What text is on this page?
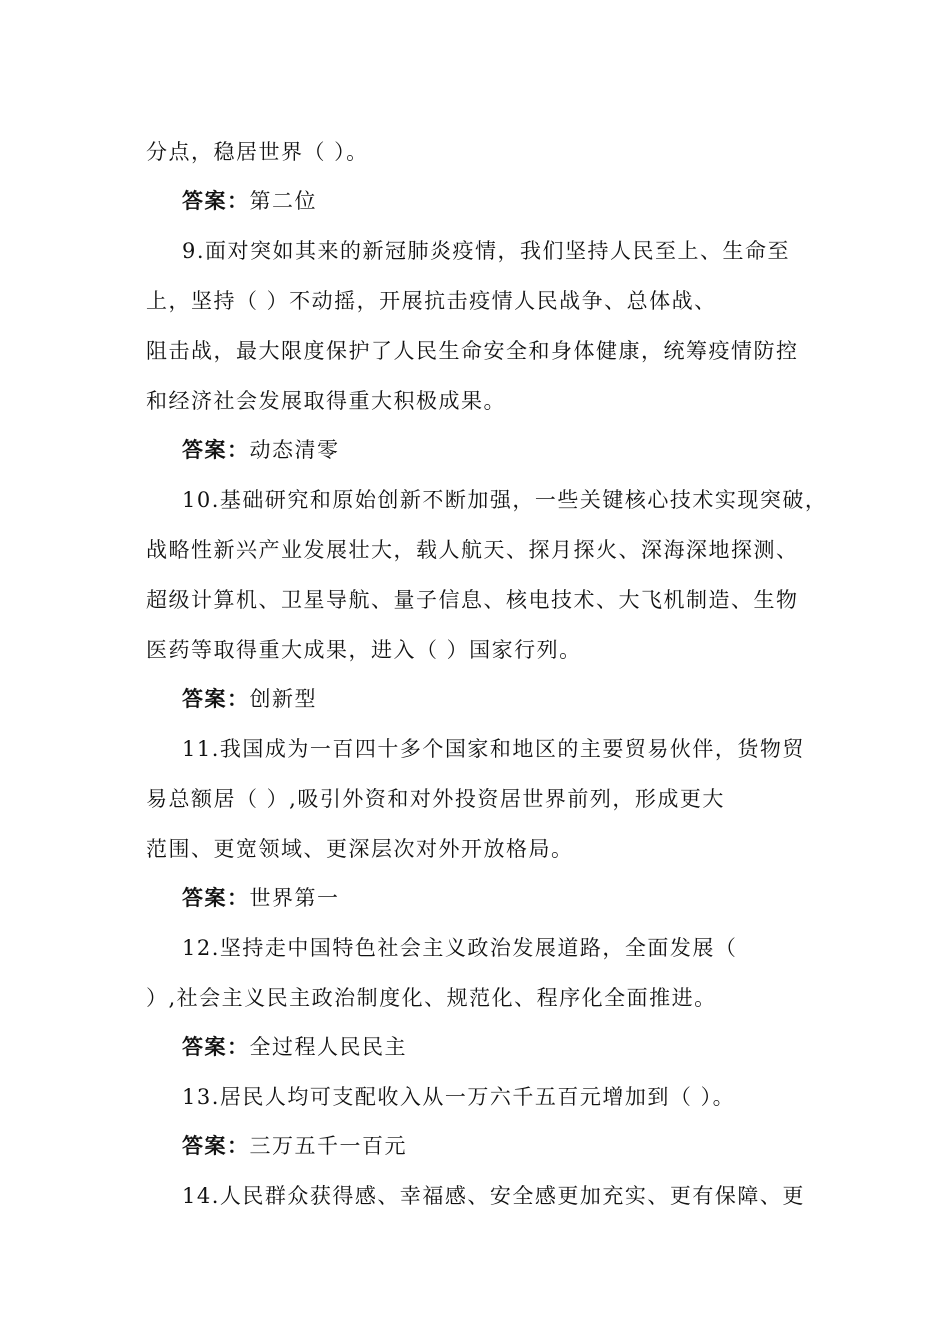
分点，稳居世界（ ）。
答案：第二位
9.面对突如其来的新冠肺炎疫情，我们坚持人民至上、生命至
上，坚持（ ）不动摇，开展抗击疫情人民战争、总体战、
阻击战，最大限度保护了人民生命安全和身体健康，统筹疫情防控
和经济社会发展取得重大积极成果。
答案：动态清零
10.基础研究和原始创新不断加强，一些关键核心技术实现突破，
战略性新兴产业发展壮大，载人航天、探月探火、深海深地探测、
超级计算机、卫星导航、量子信息、核电技术、大飞机制造、生物
医药等取得重大成果，进入（ ）国家行列。
答案：创新型
11.我国成为一百四十多个国家和地区的主要贸易伙伴，货物贸
易总额居（ ）,吸引外资和对外投资居世界前列，形成更大
范围、更宽领域、更深层次对外开放格局。
答案：世界第一
12.坚持走中国特色社会主义政治发展道路，全面发展（
）,社会主义民主政治制度化、规范化、程序化全面推进。
答案：全过程人民民主
13.居民人均可支配收入从一万六千五百元增加到（ ）。
答案：三万五千一百元
14.人民群众获得感、幸福感、安全感更加充实、更有保障、更
